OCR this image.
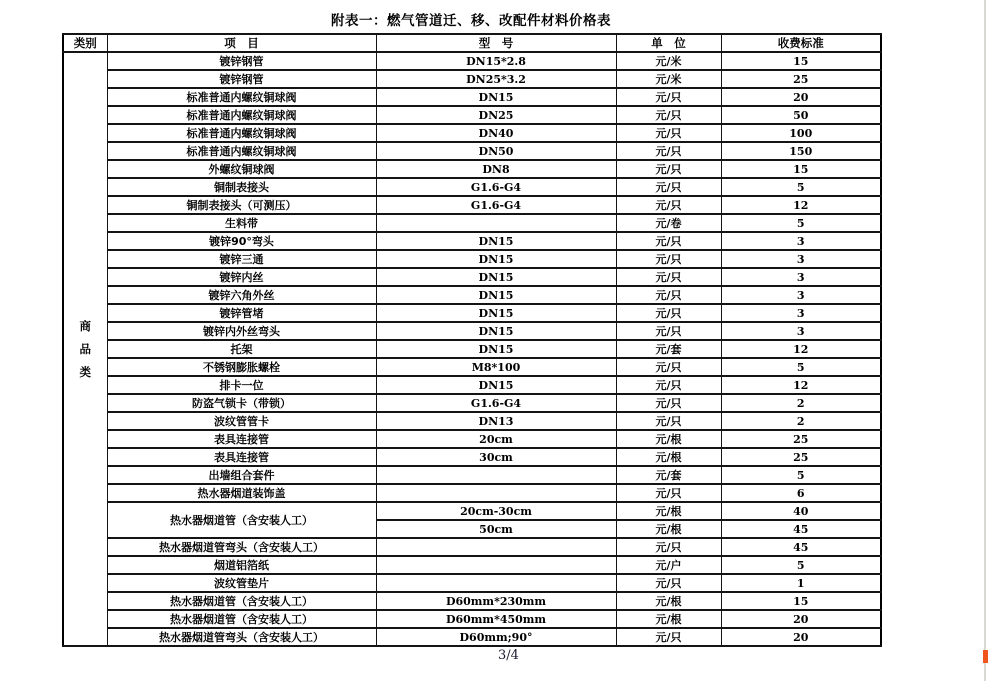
附表一：燃气管道迁、移、改配件材料价格表
类别	项　目	型　号	单　位	收费标准

商品类	镀锌钢管	DN15*2.8	元/米	15
	镀锌钢管	DN25*3.2	元/米	25
	标准普通内螺纹铜球阀	DN15	元/只	20
	标准普通内螺纹铜球阀	DN25	元/只	50
	标准普通内螺纹铜球阀	DN40	元/只	100
	标准普通内螺纹铜球阀	DN50	元/只	150
	外螺纹铜球阀	DN8	元/只	15
	铜制表接头	G1.6-G4	元/只	5
	铜制表接头（可测压）	G1.6-G4	元/只	12
	生料带		元/卷	5
	镀锌90°弯头	DN15	元/只	3
	镀锌三通	DN15	元/只	3
	镀锌内丝	DN15	元/只	3
	镀锌六角外丝	DN15	元/只	3
	镀锌管堵	DN15	元/只	3
	镀锌内外丝弯头	DN15	元/只	3
	托架	DN15	元/套	12
	不锈钢膨胀螺栓	M8*100	元/只	5
	排卡一位	DN15	元/只	12
	防盗气锁卡（带锁）	G1.6-G4	元/只	2
	波纹管管卡	DN13	元/只	2
	表具连接管	20cm	元/根	25
	表具连接管	30cm	元/根	25
	出墙组合套件		元/套	5
	热水器烟道装饰盖		元/只	6
	热水器烟道管（含安装人工）	20cm-30cm	元/根	40
		50cm	元/根	45
	热水器烟道管弯头（含安装人工）		元/只	45
	烟道铝箔纸		元/户	5
	波纹管垫片		元/只	1
	热水器烟道管（含安装人工）	D60mm*230mm	元/根	15
	热水器烟道管（含安装人工）	D60mm*450mm	元/根	20
	热水器烟道管弯头（含安装人工）	D60mm;90°	元/只	20
3/4
